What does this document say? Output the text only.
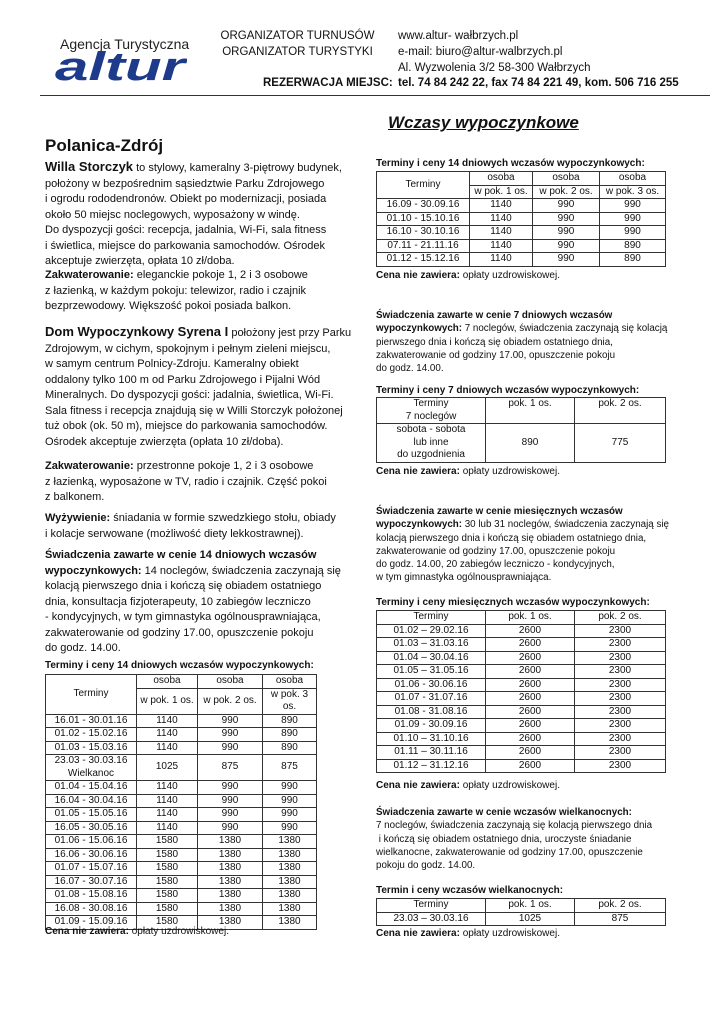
Agencja Turystyczna
altur
ORGANIZATOR TURNUSÓW
ORGANIZATOR TURYSTYKI
www.altur- wałbrzych.pl
e-mail: biuro@altur-walbrzych.pl
Al. Wyzwolenia 3/2 58-300 Wałbrzych
REZERWACJA MIEJSC: tel. 74 84 242 22, fax 74 84 221 49, kom. 506 716 255
Wczasy wypoczynkowe
Polanica-Zdrój
Willa Storczyk to stylowy, kameralny 3-piętrowy budynek,
położony w bezpośrednim sąsiedztwie Parku Zdrojowego
i ogrodu rododendronów. Obiekt po modernizacji, posiada
około 50 miejsc noclegowych, wyposażony w windę.
Do dyspozycji gości: recepcja, jadalnia, Wi-Fi, sala fitness
i świetlica, miejsce do parkowania samochodów. Ośrodek
akceptuje zwierzęta, opłata 10 zł/doba.
Zakwaterowanie: eleganckie pokoje 1, 2 i 3 osobowe
z łazienką, w każdym pokoju: telewizor, radio i czajnik
bezprzewodowy. Większość pokoi posiada balkon.
Dom Wypoczynkowy Syrena I położony jest przy Parku
Zdrojowym, w cichym, spokojnym i pełnym zieleni miejscu,
w samym centrum Polnicy-Zdroju. Kameralny obiekt
oddalony tylko 100 m od Parku Zdrojowego i Pijalni Wód
Mineralnych. Do dyspozycji gości: jadalnia, świetlica, Wi-Fi.
Sala fitness i recepcja znajdują się w Willi Storczyk położonej
tuż obok (ok. 50 m), miejsce do parkowania samochodów.
Ośrodek akceptuje zwierzęta (opłata 10 zł/doba).
Zakwaterowanie: przestronne pokoje 1, 2 i 3 osobowe
z łazienką, wyposażone w TV, radio i czajnik. Część pokoi
z balkonem.
Wyżywienie: śniadania w formie szwedzkiego stołu, obiady
i kolacje serwowane (możliwość diety lekkostrawnej).
Świadczenia zawarte w cenie 14 dniowych wczasów
wypoczynkowych: 14 noclegów, świadczenia zaczynają się
kolacją pierwszego dnia i kończą się obiadem ostatniego
dnia, konsultacja fizjoterapeuty, 10 zabiegów leczniczo
- kondycyjnych, w tym gimnastyka ogólnousprawniająca,
zakwaterowanie od godziny 17.00, opuszczenie pokoju
do godz. 14.00.
Terminy i ceny 14 dniowych wczasów wypoczynkowych:
Terminy	osoba	osoba	osoba
	w pok. 1 os.	w pok. 2 os.	w pok. 3 os.
16.01 - 30.01.16	1140	990	890
01.02 - 15.02.16	1140	990	890
01.03 - 15.03.16	1140	990	890

23.03 - 30.03.16
Wielkanoc	1025	875	875
01.04 - 15.04.16	1140	990	990
16.04 - 30.04.16	1140	990	990
01.05 - 15.05.16	1140	990	990
16.05 - 30.05.16	1140	990	990
01.06 - 15.06.16	1580	1380	1380
16.06 - 30.06.16	1580	1380	1380
01.07 - 15.07.16	1580	1380	1380
16.07 - 30.07.16	1580	1380	1380
01.08 - 15.08.16	1580	1380	1380
16.08 - 30.08.16	1580	1380	1380
01.09 - 15.09.16	1580	1380	1380
Cena nie zawiera: opłaty uzdrowiskowej.
Terminy i ceny 14 dniowych wczasów wypoczynkowych:
Terminy	osoba	osoba	osoba
	w pok. 1 os.	w pok. 2 os.	w pok. 3 os.
16.09 - 30.09.16	1140	990	990
01.10 - 15.10.16	1140	990	990
16.10 - 30.10.16	1140	990	990
07.11 - 21.11.16	1140	990	890
01.12 - 15.12.16	1140	990	890
Cena nie zawiera: opłaty uzdrowiskowej.
Świadczenia zawarte w cenie 7 dniowych wczasów
wypoczynkowych: 7 noclegów, świadczenia zaczynają się kolacją
pierwszego dnia i kończą się obiadem ostatniego dnia,
zakwaterowanie od godziny 17.00, opuszczenie pokoju
do godz. 14.00.
Terminy i ceny 7 dniowych wczasów wypoczynkowych:
Terminy
7 noclegów	pok. 1 os.	pok. 2 os.

sobota - sobota
lub inne
do uzgodnienia	890	775
Cena nie zawiera: opłaty uzdrowiskowej.
Świadczenia zawarte w cenie miesięcznych wczasów
wypoczynkowych: 30 lub 31 noclegów, świadczenia zaczynają się
kolacją pierwszego dnia i kończą się obiadem ostatniego dnia,
zakwaterowanie od godziny 17.00, opuszczenie pokoju
do godz. 14.00, 20 zabiegów leczniczo - kondycyjnych,
w tym gimnastyka ogólnousprawniająca.
Terminy i ceny miesięcznych wczasów wypoczynkowych:
Terminy	pok. 1 os.	pok. 2 os.
01.02 – 29.02.16	2600	2300
01.03 – 31.03.16	2600	2300
01.04 – 30.04.16	2600	2300
01.05 – 31.05.16	2600	2300
01.06 - 30.06.16	2600	2300
01.07 - 31.07.16	2600	2300
01.08 - 31.08.16	2600	2300
01.09 - 30.09.16	2600	2300
01.10 – 31.10.16	2600	2300
01.11 – 30.11.16	2600	2300
01.12 – 31.12.16	2600	2300
Cena nie zawiera: opłaty uzdrowiskowej.
Świadczenia zawarte w cenie wczasów wielkanocnych:
7 noclegów, świadczenia zaczynają się kolacją pierwszego dnia
i kończą się obiadem ostatniego dnia, uroczyste śniadanie
wielkanocne, zakwaterowanie od godziny 17.00, opuszczenie
pokoju do godz. 14.00.
Termin i ceny wczasów wielkanocnych:
Terminy	pok. 1 os.	pok. 2 os.
23.03 – 30.03.16	1025	875
Cena nie zawiera: opłaty uzdrowiskowej.
